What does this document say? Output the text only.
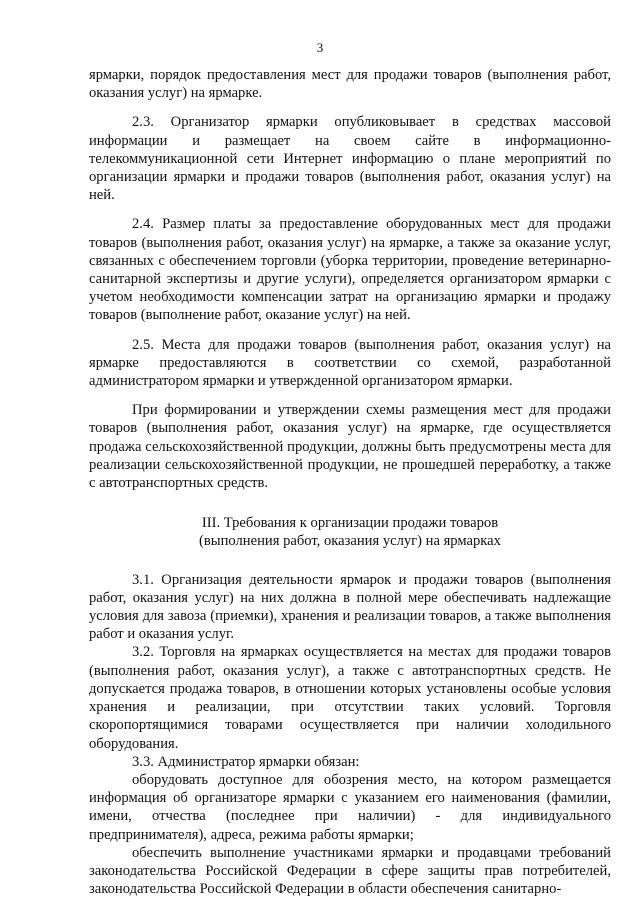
3

ярмарки, порядок предоставления мест для продажи товаров (выполнения работ, оказания услуг) на ярмарке.

2.3. Организатор ярмарки опубликовывает в средствах массовой информации и размещает на своем сайте в информационно-телекоммуникационной сети Интернет информацию о плане мероприятий по организации ярмарки и продажи товаров (выполнения работ, оказания услуг) на ней.

2.4. Размер платы за предоставление оборудованных мест для продажи товаров (выполнения работ, оказания услуг) на ярмарке, а также за оказание услуг, связанных с обеспечением торговли (уборка территории, проведение ветеринарно-санитарной экспертизы и другие услуги), определяется организатором ярмарки с учетом необходимости компенсации затрат на организацию ярмарки и продажу товаров (выполнение работ, оказание услуг) на ней.

2.5. Места для продажи товаров (выполнения работ, оказания услуг) на ярмарке предоставляются в соответствии со схемой, разработанной администратором ярмарки и утвержденной организатором ярмарки.

При формировании и утверждении схемы размещения мест для продажи товаров (выполнения работ, оказания услуг) на ярмарке, где осуществляется продажа сельскохозяйственной продукции, должны быть предусмотрены места для реализации сельскохозяйственной продукции, не прошедшей переработку, а также с автотранспортных средств.

III. Требования к организации продажи товаров
(выполнения работ, оказания услуг) на ярмарках

3.1. Организация деятельности ярмарок и продажи товаров (выполнения работ, оказания услуг) на них должна в полной мере обеспечивать надлежащие условия для завоза (приемки), хранения и реализации товаров, а также выполнения работ и оказания услуг.

3.2. Торговля на ярмарках осуществляется на местах для продажи товаров (выполнения работ, оказания услуг), а также с автотранспортных средств. Не допускается продажа товаров, в отношении которых установлены особые условия хранения и реализации, при отсутствии таких условий. Торговля скоропортящимися товарами осуществляется при наличии холодильного оборудования.

3.3. Администратор ярмарки обязан:

оборудовать доступное для обозрения место, на котором размещается информация об организаторе ярмарки с указанием его наименования (фамилии, имени, отчества (последнее при наличии) - для индивидуального предпринимателя), адреса, режима работы ярмарки;

обеспечить выполнение участниками ярмарки и продавцами требований законодательства Российской Федерации в сфере защиты прав потребителей, законодательства Российской Федерации в области обеспечения санитарно-
